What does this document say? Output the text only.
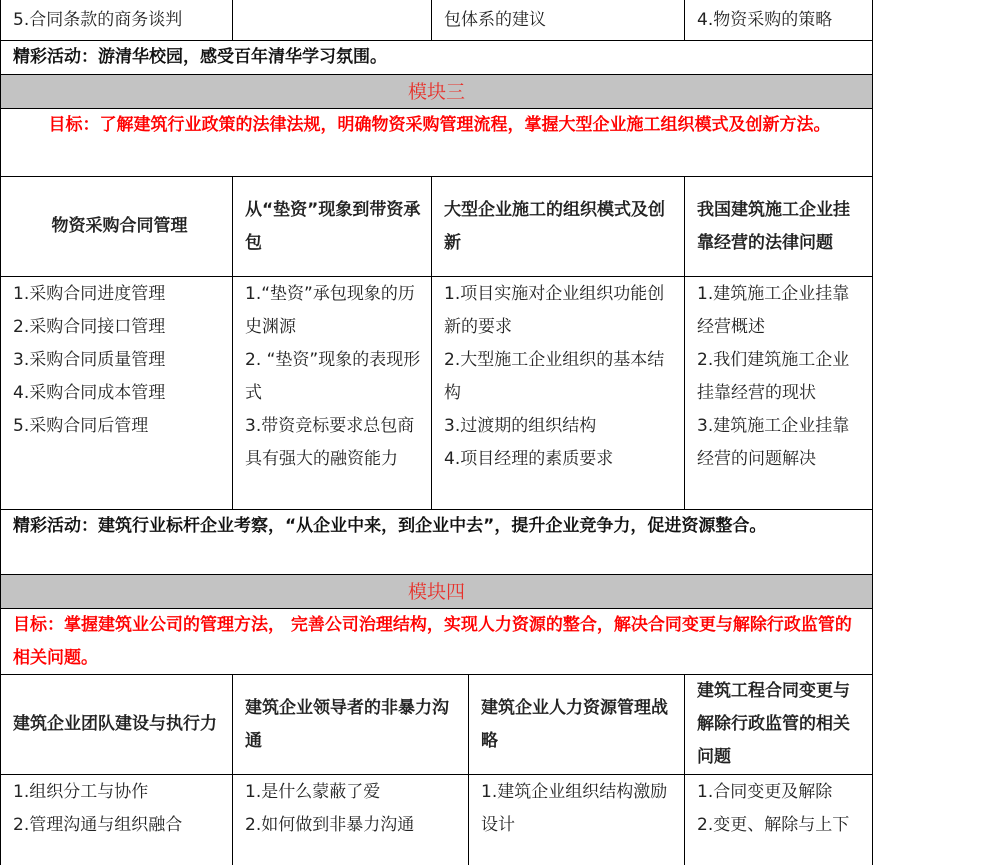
5.合同条款的商务谈判	包体系的建议	4.物资采购的策略
精彩活动：游清华校园，感受百年清华学习氛围。
模块三
目标：了解建筑行业政策的法律法规，明确物资采购管理流程，掌握大型企业施工组织模式及创新方法。
物资采购合同管理
从“垫资”现象到带资承包
大型企业施工的组织模式及创新
我国建筑施工企业挂靠经营的法律问题
1.采购合同进度管理
2.采购合同接口管理
3.采购合同质量管理
4.采购合同成本管理
5.采购合同后管理
1.“垫资”承包现象的历史渊源
2. “垫资”现象的表现形式
3.带资竞标要求总包商具有强大的融资能力
1.项目实施对企业组织功能创新的要求
2.大型施工企业组织的基本结构
3.过渡期的组织结构
4.项目经理的素质要求
1.建筑施工企业挂靠经营概述
2.我们建筑施工企业挂靠经营的现状
3.建筑施工企业挂靠经营的问题解决
精彩活动：建筑行业标杆企业考察，“从企业中来，到企业中去”，提升企业竞争力，促进资源整合。
模块四
目标：掌握建筑业公司的管理方法， 完善公司治理结构，实现人力资源的整合，解决合同变更与解除行政监管的相关问题。
建筑企业团队建设与执行力
建筑企业领导者的非暴力沟通
建筑企业人力资源管理战略
建筑工程合同变更与解除行政监管的相关问题
1.组织分工与协作
2.管理沟通与组织融合
1.是什么蒙蔽了爱
2.如何做到非暴力沟通
1.建筑企业组织结构激励设计
1.合同变更及解除
2.变更、解除与上下
